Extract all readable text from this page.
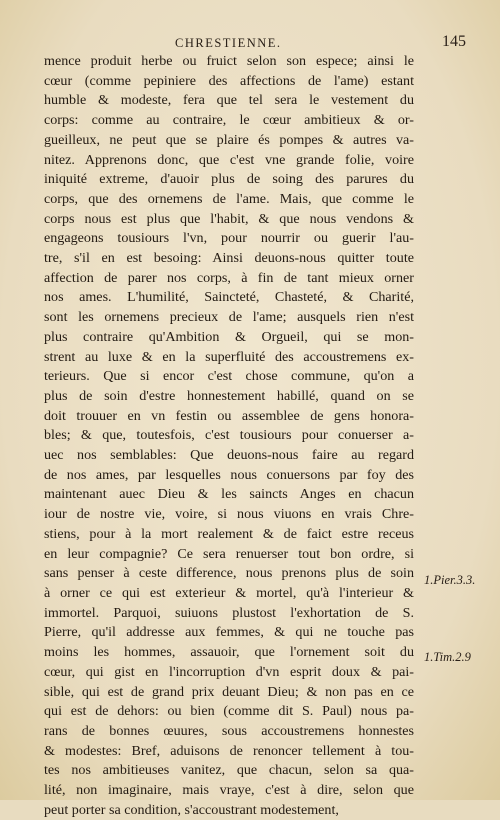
CHRESTIENNE.	145
mence produit herbe ou fruict selon son espece; ainsi le
cœur (comme pepiniere des affections de l'ame) estant
humble & modeste, fera que tel sera le vestement du
corps: comme au contraire, le cœur ambitieux & or-
gueilleux, ne peut que se plaire és pompes & autres va-
nitez. Apprenons donc, que c'est vne grande folie, voire
iniquité extreme, d'auoir plus de soing des parures du
corps, que des ornemens de l'ame. Mais, que comme le
corps nous est plus que l'habit, & que nous vendons &
engageons tousiours l'vn, pour nourrir ou guerir l'au-
tre, s'il en est besoing: Ainsi deuons-nous quitter toute
affection de parer nos corps, à fin de tant mieux orner
nos ames. L'humilité, Saincteté, Chasteté, & Charité,
sont les ornemens precieux de l'ame; ausquels rien n'est
plus contraire qu'Ambition & Orgueil, qui se mon-
strent au luxe & en la superfluité des accoustremens ex-
terieurs. Que si encor c'est chose commune, qu'on a
plus de soin d'estre honnestement habillé, quand on se
doit trouuer en vn festin ou assemblee de gens honora-
bles; & que, toutesfois, c'est tousiours pour conuerser a-
uec nos semblables: Que deuons-nous faire au regard
de nos ames, par lesquelles nous conuersons par foy des
maintenant auec Dieu & les saincts Anges en chacun
iour de nostre vie, voire, si nous viuons en vrais Chre-
stiens, pour à la mort realement & de faict estre receus
en leur compagnie? Ce sera renuerser tout bon ordre, si
sans penser à ceste difference, nous prenons plus de soin
à orner ce qui est exterieur & mortel, qu'à l'interieur &
immortel. Parquoi, suiuons plustost l'exhortation de S.
Pierre, qu'il addresse aux femmes, & qui ne touche pas
moins les hommes, assauoir, que l'ornement soit du
cœur, qui gist en l'incorruption d'vn esprit doux & pai-
sible, qui est de grand prix deuant Dieu; & non pas en ce
qui est de dehors: ou bien (comme dit S. Paul) nous pa-
rans de bonnes œuures, sous accoustremens honnestes
& modestes: Bref, aduisons de renoncer tellement à tou-
tes nos ambitieuses vanitez, que chacun, selon sa qua-
lité, non imaginaire, mais vraye, c'est à dire, selon que
peut porter sa condition, s'accoustrant modestement,
1.Pier.3.3.
1.Tim.2.9
